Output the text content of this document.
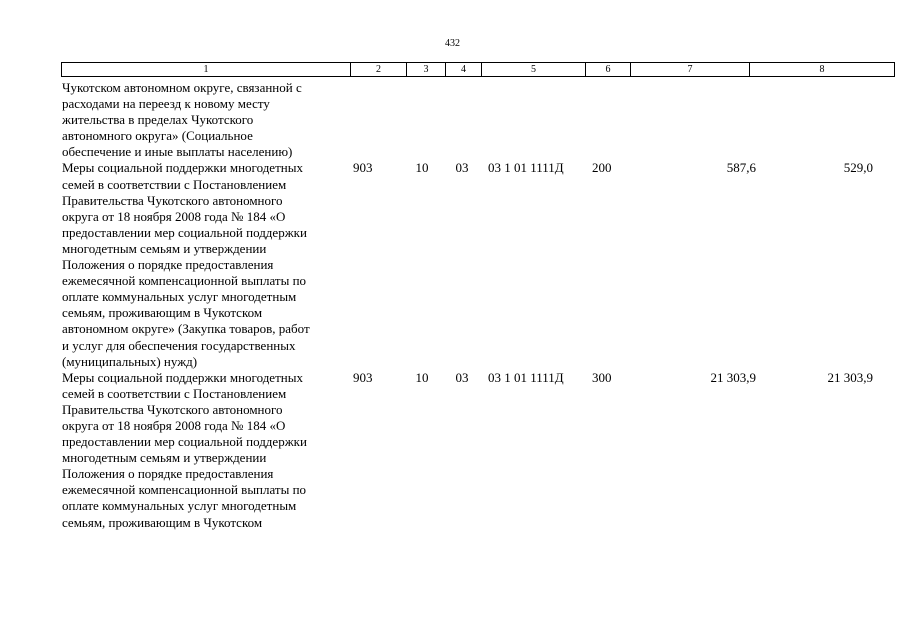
432
1	2	3	4	5	6	7	8
Чукотском автономном округе, связанной с
расходами на переезд к новому месту
жительства в пределах Чукотского
автономного округа» (Социальное
обеспечение и иные выплаты населению)
Меры социальной поддержки многодетных
семей в соответствии с Постановлением
Правительства Чукотского автономного
округа от 18 ноября 2008 года № 184 «О
предоставлении мер социальной поддержки
многодетным семьям и утверждении
Положения о порядке предоставления
ежемесячной компенсационной выплаты по
оплате коммунальных услуг многодетным
семьям, проживающим в Чукотском
автономном округе» (Закупка товаров, работ
и услуг для обеспечения государственных
(муниципальных) нужд)
903	10	03	03 1 01 1111Д	200	587,6	529,0
Меры социальной поддержки многодетных
семей в соответствии с Постановлением
Правительства Чукотского автономного
округа от 18 ноября 2008 года № 184 «О
предоставлении мер социальной поддержки
многодетным семьям и утверждении
Положения о порядке предоставления
ежемесячной компенсационной выплаты по
оплате коммунальных услуг многодетным
семьям, проживающим в Чукотском
903	10	03	03 1 01 1111Д	300	21 303,9	21 303,9
